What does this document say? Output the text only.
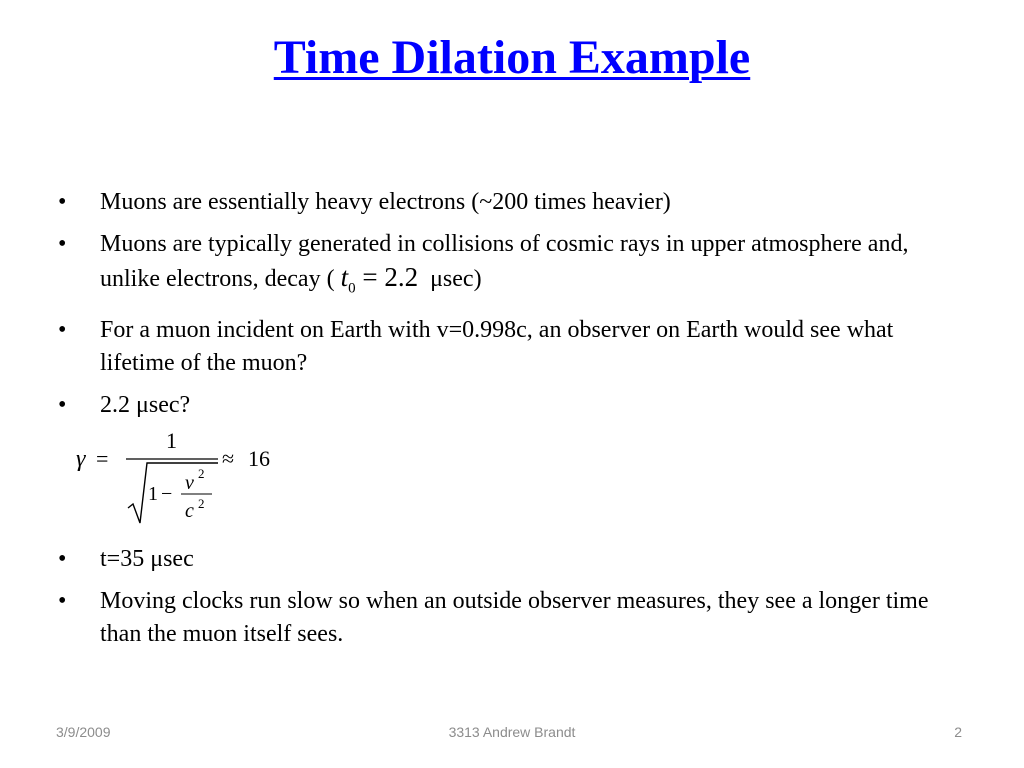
Time Dilation Example
• Muons are essentially heavy electrons (~200 times heavier)
• Muons are typically generated in collisions of cosmic rays in upper atmosphere and, unlike electrons, decay ( $t_0 = 2.2$ μsec)
• For a muon incident on Earth with v=0.998c, an observer on Earth would see what lifetime of the muon?
• 2.2 μsec?
γ =
1
1 − v 2
c 2
≈ 16
• t=35 μsec
• Moving clocks run slow so when an outside observer measures, they see a longer time than the muon itself sees.
3/9/2009	3313 Andrew Brandt	2
